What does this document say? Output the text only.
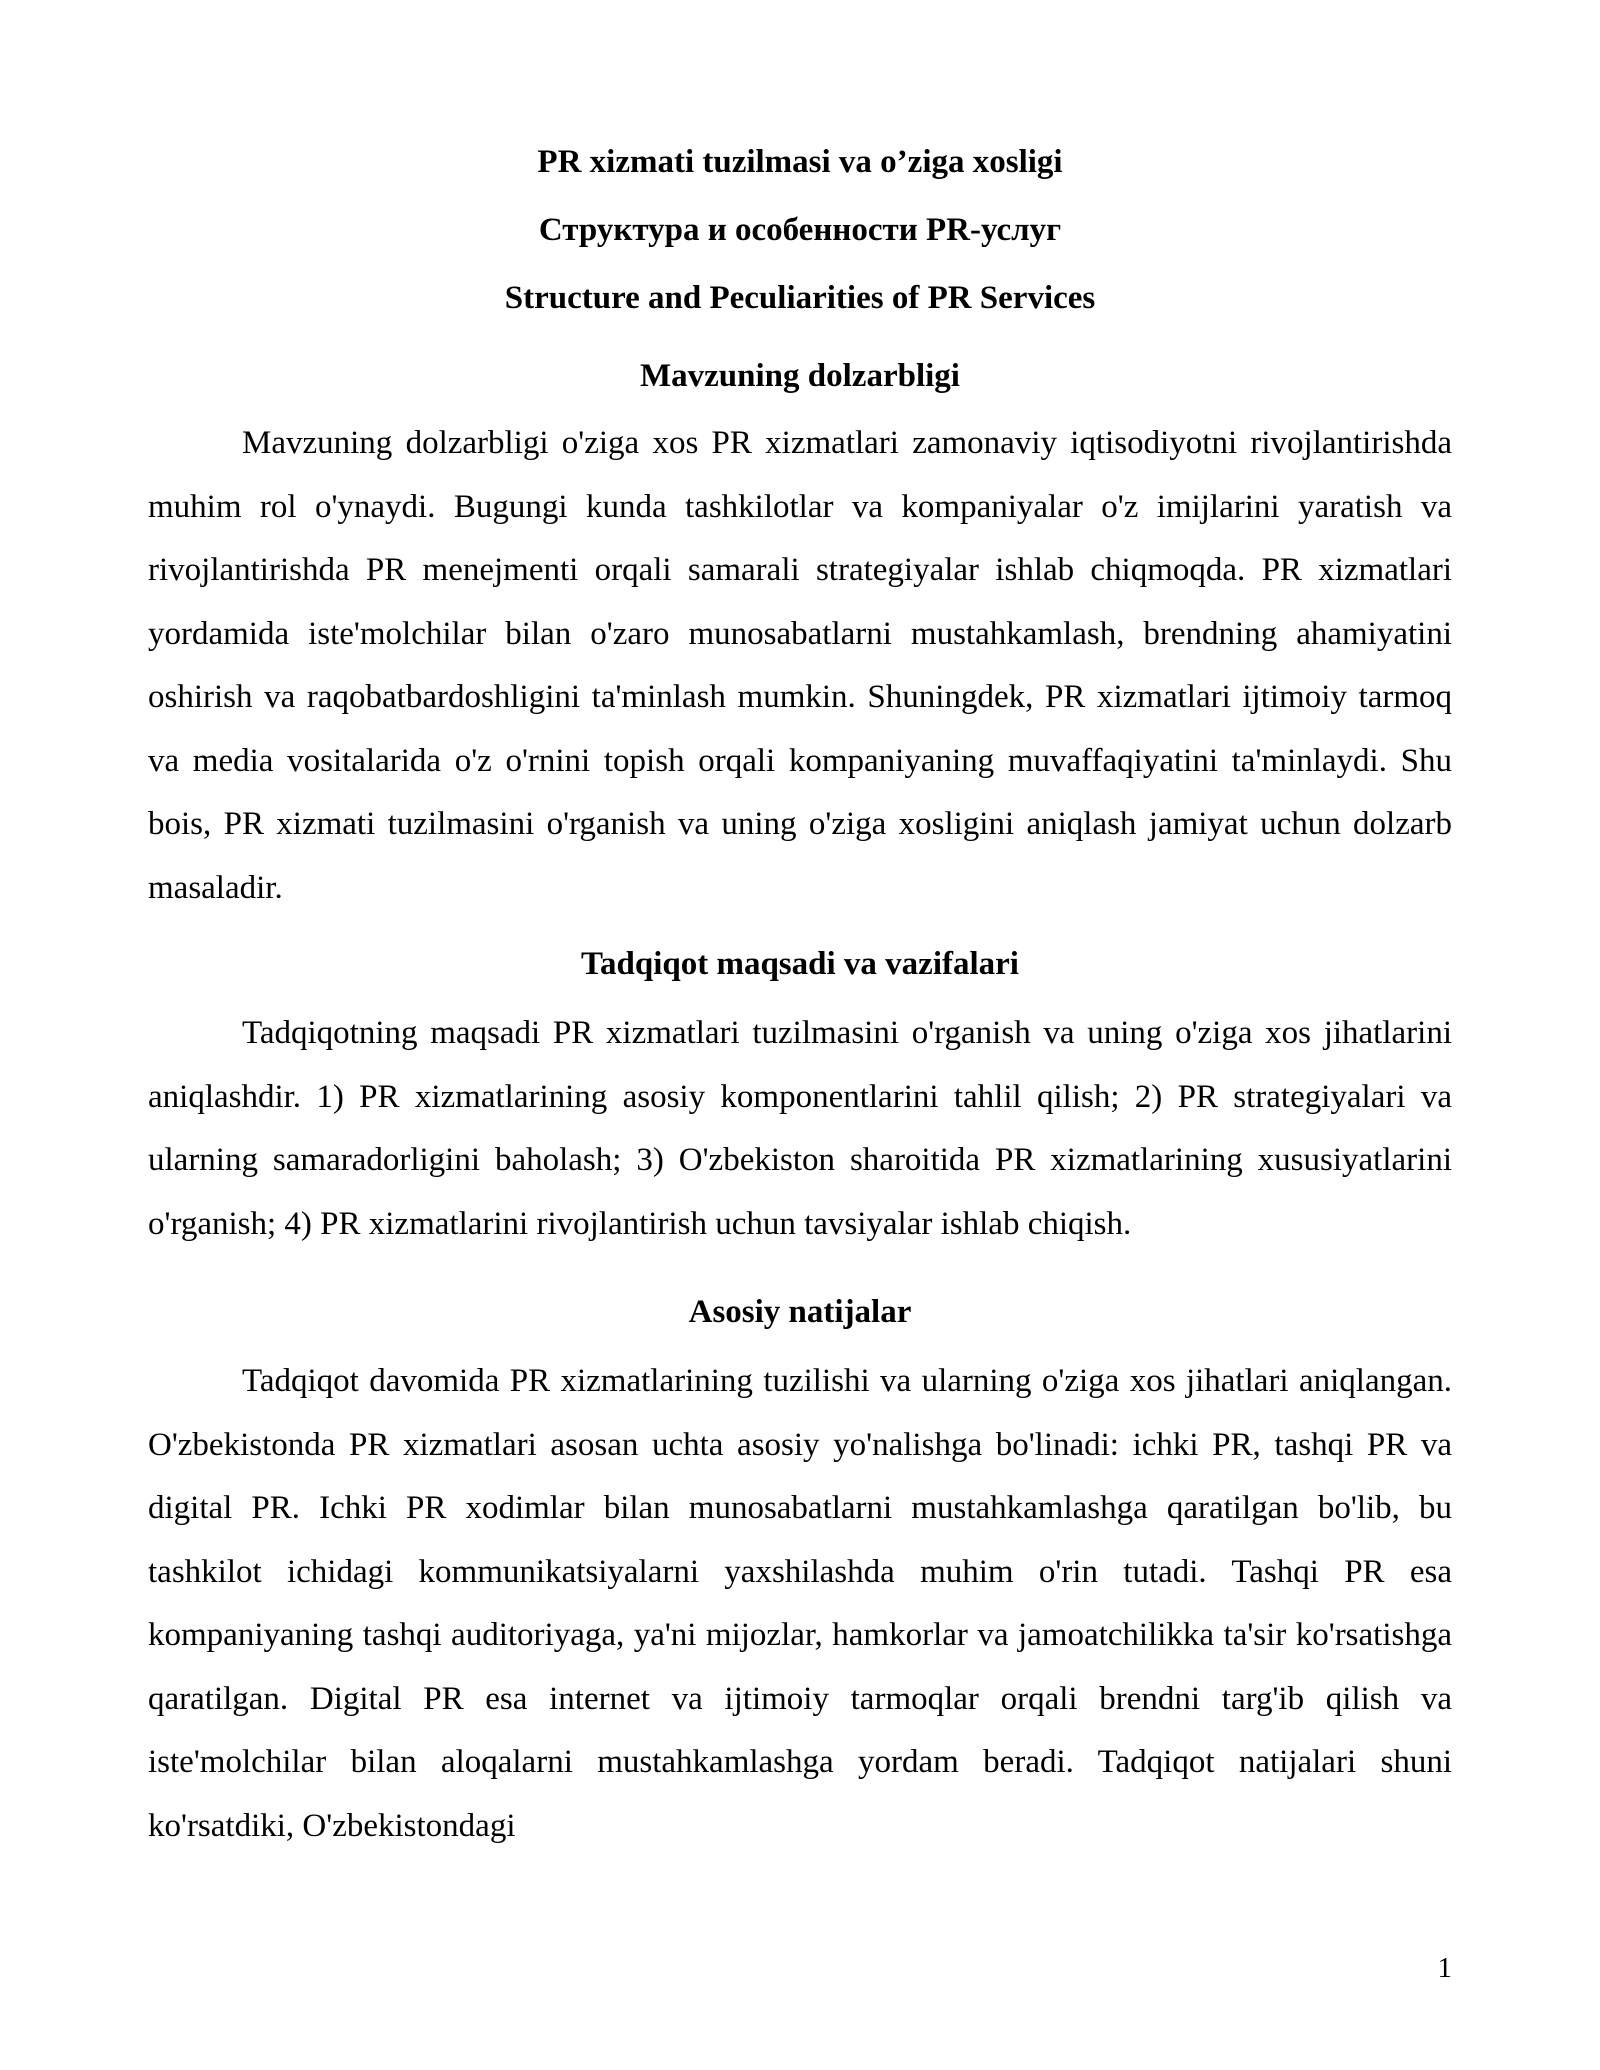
PR xizmati tuzilmasi va o’ziga xosligi
Структура и особенности PR-услуг
Structure and Peculiarities of PR Services
Mavzuning dolzarbligi

Mavzuning dolzarbligi o'ziga xos PR xizmatlari zamonaviy iqtisodiyotni rivojlantirishda muhim rol o'ynaydi. Bugungi kunda tashkilotlar va kompaniyalar o'z imijlarini yaratish va rivojlantirishda PR menejmenti orqali samarali strategiyalar ishlab chiqmoqda. PR xizmatlari yordamida iste'molchilar bilan o'zaro munosabatlarni mustahkamlash, brendning ahamiyatini oshirish va raqobatbardoshligini ta'minlash mumkin. Shuningdek, PR xizmatlari ijtimoiy tarmoq va media vositalarida o'z o'rnini topish orqali kompaniyaning muvaffaqiyatini ta'minlaydi. Shu bois, PR xizmati tuzilmasini o'rganish va uning o'ziga xosligini aniqlash jamiyat uchun dolzarb masaladir.

Tadqiqot maqsadi va vazifalari

Tadqiqotning maqsadi PR xizmatlari tuzilmasini o'rganish va uning o'ziga xos jihatlarini aniqlashdir. 1) PR xizmatlarining asosiy komponentlarini tahlil qilish; 2) PR strategiyalari va ularning samaradorligini baholash; 3) O'zbekiston sharoitida PR xizmatlarining xususiyatlarini o'rganish; 4) PR xizmatlarini rivojlantirish uchun tavsiyalar ishlab chiqish.

Asosiy natijalar

Tadqiqot davomida PR xizmatlarining tuzilishi va ularning o'ziga xos jihatlari aniqlangan. O'zbekistonda PR xizmatlari asosan uchta asosiy yo'nalishga bo'linadi: ichki PR, tashqi PR va digital PR. Ichki PR xodimlar bilan munosabatlarni mustahkamlashga qaratilgan bo'lib, bu tashkilot ichidagi kommunikatsiyalarni yaxshilashda muhim o'rin tutadi. Tashqi PR esa kompaniyaning tashqi auditoriyaga, ya'ni mijozlar, hamkorlar va jamoatchilikka ta'sir ko'rsatishga qaratilgan. Digital PR esa internet va ijtimoiy tarmoqlar orqali brendni targ'ib qilish va iste'molchilar bilan aloqalarni mustahkamlashga yordam beradi. Tadqiqot natijalari shuni ko'rsatdiki, O'zbekistondagi

1
